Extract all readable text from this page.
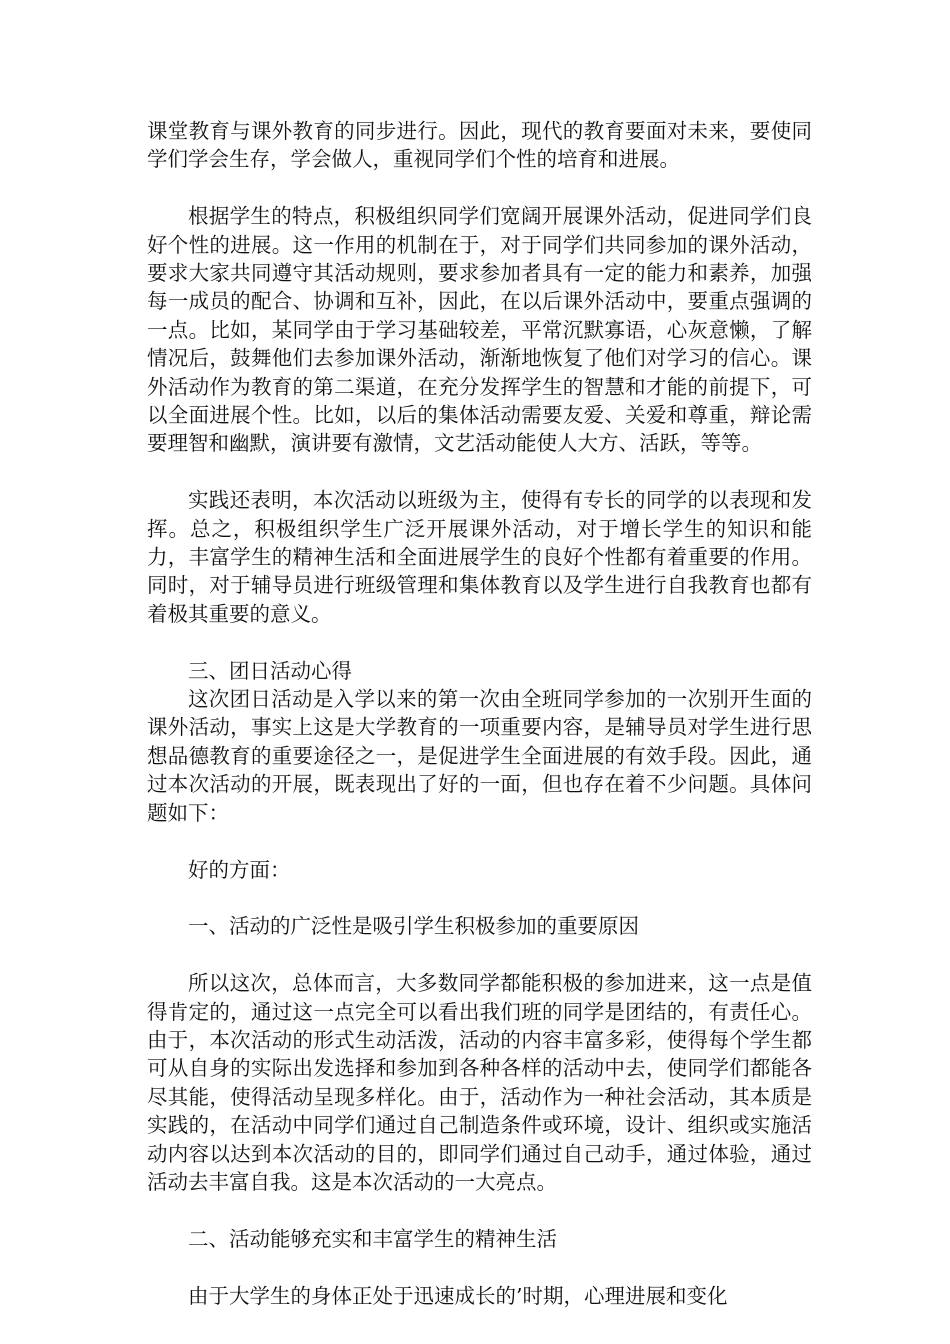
课堂教育与课外教育的同步进行。因此，现代的教育要面对未来，要使同学们学会生存，学会做人，重视同学们个性的培育和进展。

根据学生的特点，积极组织同学们宽阔开展课外活动，促进同学们良好个性的进展。这一作用的机制在于，对于同学们共同参加的课外活动，要求大家共同遵守其活动规则，要求参加者具有一定的能力和素养，加强每一成员的配合、协调和互补，因此，在以后课外活动中，要重点强调的一点。比如，某同学由于学习基础较差，平常沉默寡语，心灰意懒，了解情况后，鼓舞他们去参加课外活动，渐渐地恢复了他们对学习的信心。课外活动作为教育的第二渠道，在充分发挥学生的智慧和才能的前提下，可以全面进展个性。比如，以后的集体活动需要友爱、关爱和尊重，辩论需要理智和幽默，演讲要有激情，文艺活动能使人大方、活跃，等等。

实践还表明，本次活动以班级为主，使得有专长的同学的以表现和发挥。总之，积极组织学生广泛开展课外活动，对于增长学生的知识和能力，丰富学生的精神生活和全面进展学生的良好个性都有着重要的作用。同时，对于辅导员进行班级管理和集体教育以及学生进行自我教育也都有着极其重要的意义。

三、团日活动心得

这次团日活动是入学以来的第一次由全班同学参加的一次别开生面的课外活动，事实上这是大学教育的一项重要内容，是辅导员对学生进行思想品德教育的重要途径之一，是促进学生全面进展的有效手段。因此，通过本次活动的开展，既表现出了好的一面，但也存在着不少问题。具体问题如下：

好的方面：

一、活动的广泛性是吸引学生积极参加的重要原因

所以这次，总体而言，大多数同学都能积极的参加进来，这一点是值得肯定的，通过这一点完全可以看出我们班的同学是团结的，有责任心。由于，本次活动的形式生动活泼，活动的内容丰富多彩，使得每个学生都可从自身的实际出发选择和参加到各种各样的活动中去，使同学们都能各尽其能，使得活动呈现多样化。由于，活动作为一种社会活动，其本质是实践的，在活动中同学们通过自己制造条件或环境，设计、组织或实施活动内容以达到本次活动的目的，即同学们通过自己动手，通过体验，通过活动去丰富自我。这是本次活动的一大亮点。

二、活动能够充实和丰富学生的精神生活

由于大学生的身体正处于迅速成长的’时期，心理进展和变化
